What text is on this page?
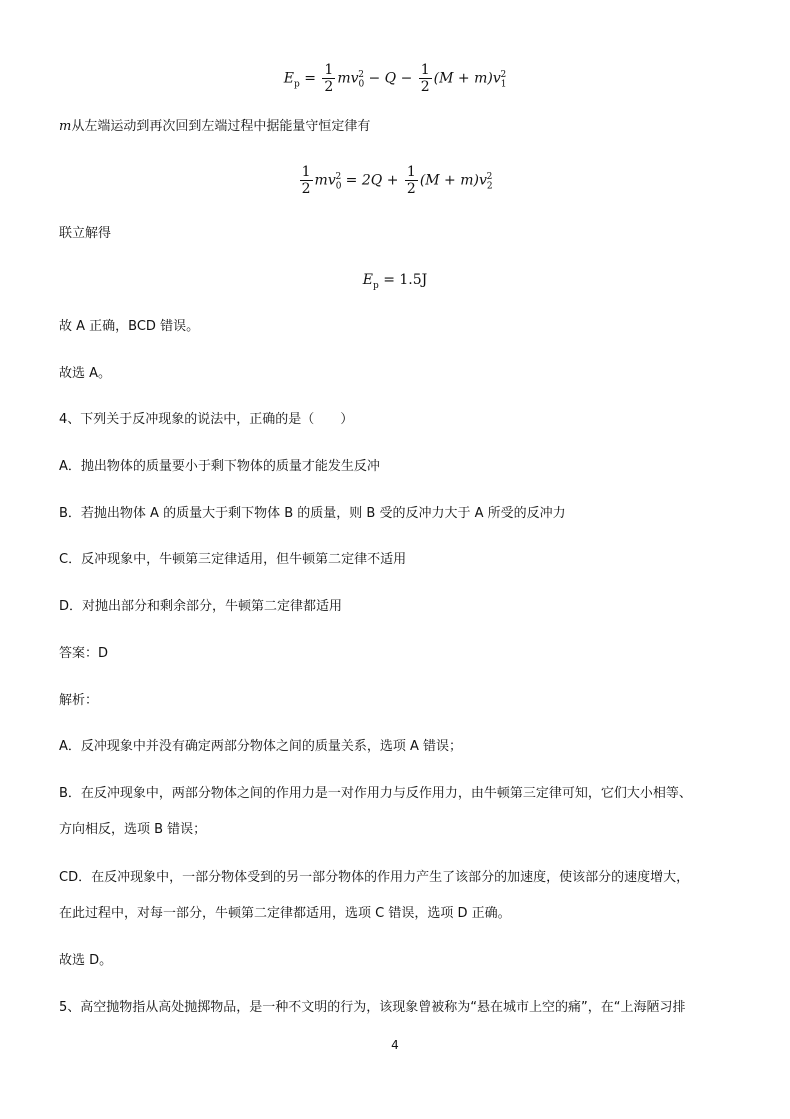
$E_p = \frac{1}{2} mv_0^2 - Q - \frac{1}{2} (M + m)v_1^2$
m从左端运动到再次回到左端过程中据能量守恒定律有
$\frac{1}{2} mv_0^2 = 2Q + \frac{1}{2} (M + m)v_2^2$
联立解得
$E_p = 1.5J$
故 A 正确，BCD 错误。
故选 A。
4、下列关于反冲现象的说法中，正确的是（　　）
A．抛出物体的质量要小于剩下物体的质量才能发生反冲
B．若抛出物体 A 的质量大于剩下物体 B 的质量，则 B 受的反冲力大于 A 所受的反冲力
C．反冲现象中，牛顿第三定律适用，但牛顿第二定律不适用
D．对抛出部分和剩余部分，牛顿第二定律都适用
答案：D
解析：
A．反冲现象中并没有确定两部分物体之间的质量关系，选项 A 错误；
B．在反冲现象中，两部分物体之间的作用力是一对作用力与反作用力，由牛顿第三定律可知，它们大小相等、
方向相反，选项 B 错误；
CD．在反冲现象中，一部分物体受到的另一部分物体的作用力产生了该部分的加速度，使该部分的速度增大，
在此过程中，对每一部分，牛顿第二定律都适用，选项 C 错误，选项 D 正确。
故选 D。
5、高空抛物指从高处抛掷物品，是一种不文明的行为，该现象曾被称为“悬在城市上空的痛”，在“上海陋习排
4
